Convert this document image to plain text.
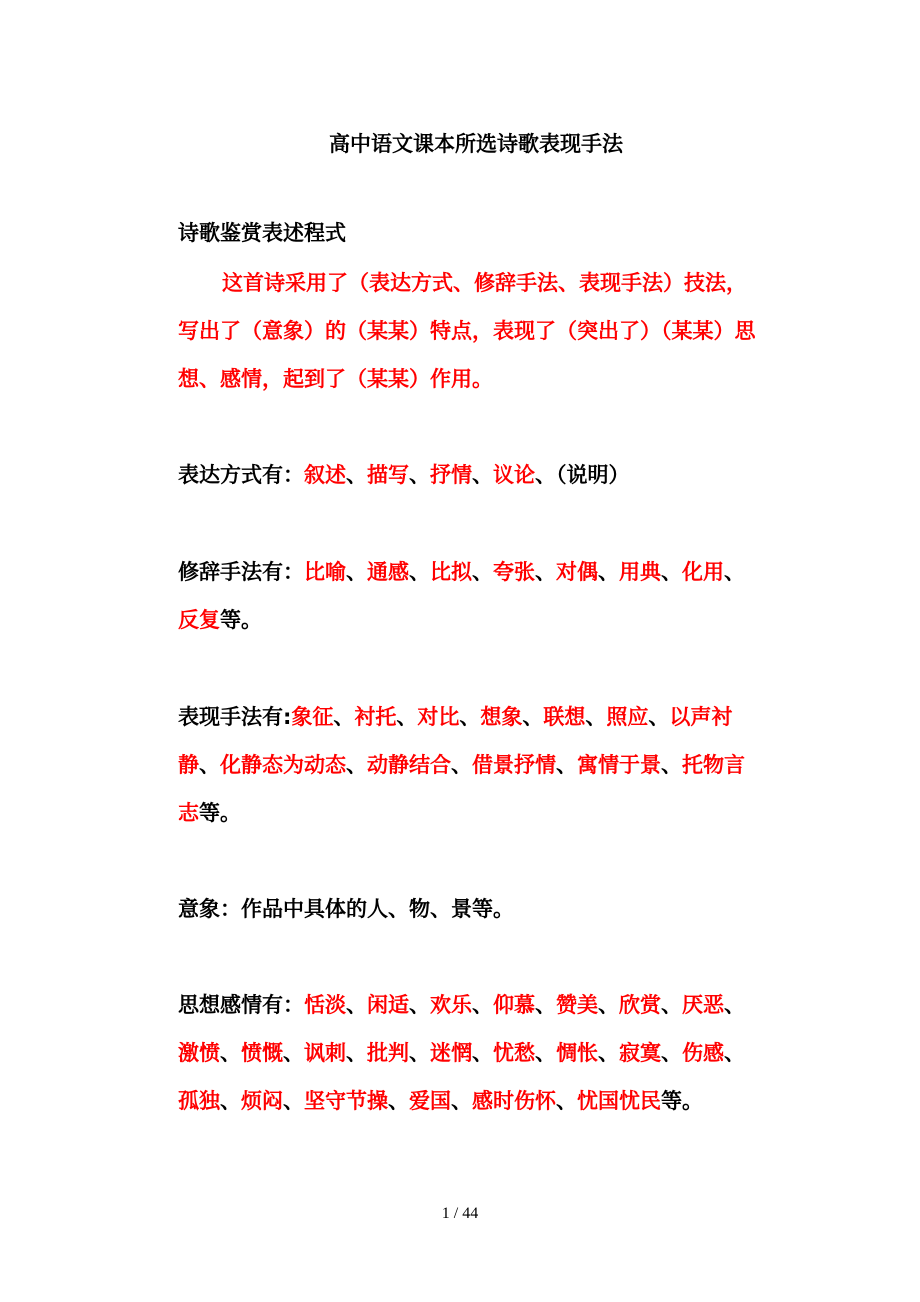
高中语文课本所选诗歌表现手法
诗歌鉴赏表述程式
这首诗采用了（表达方式、修辞手法、表现手法）技法，写出了（意象）的（某某）特点，表现了（突出了）（某某）思想、感情，起到了（某某）作用。
表达方式有：叙述、描写、抒情、议论、（说明）
修辞手法有：比喻、通感、比拟、夸张、对偶、用典、化用、反复等。
表现手法有:象征、衬托、对比、想象、联想、照应、以声衬静、化静态为动态、动静结合、借景抒情、寓情于景、托物言志等。
意象：作品中具体的人、物、景等。
思想感情有：恬淡、闲适、欢乐、仰慕、赞美、欣赏、厌恶、激愤、愤慨、讽刺、批判、迷惘、忧愁、惆怅、寂寞、伤感、孤独、烦闷、坚守节操、爱国、感时伤怀、忧国忧民等。
1 / 44
